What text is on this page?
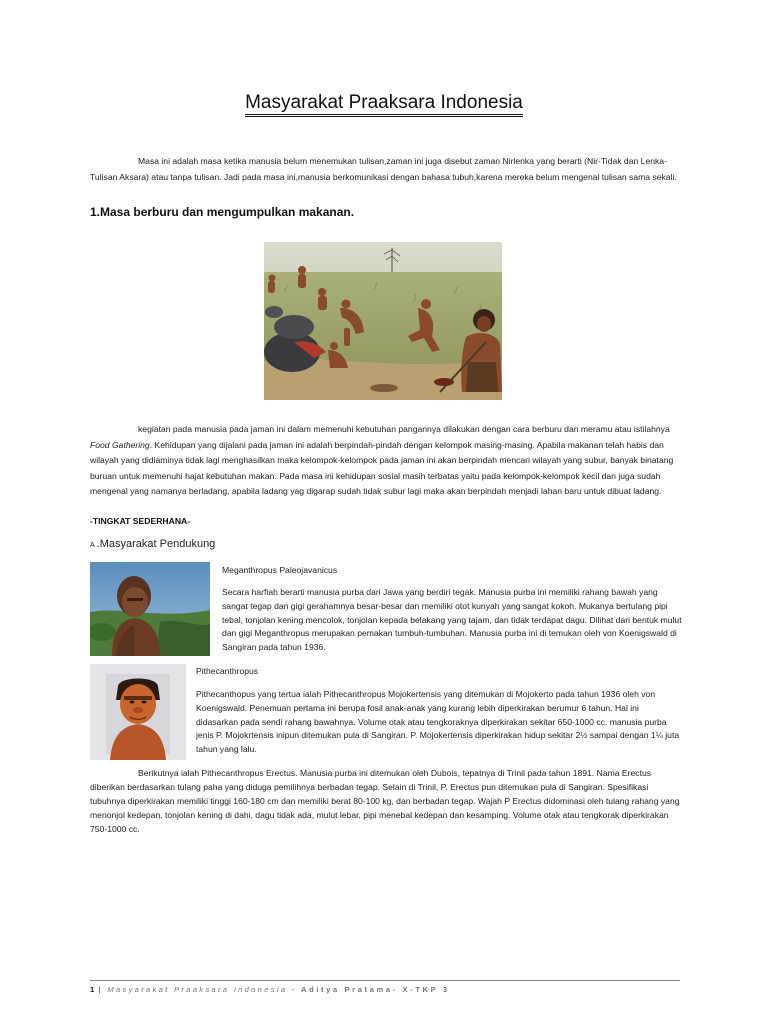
Masyarakat Praaksara Indonesia
Masa ini adalah masa ketika manusia belum menemukan tulisan,zaman ini juga disebut zaman Nirlenka yang berarti (Nir-Tidak dan Lenka-Tulisan Aksara) atau tanpa tulisan. Jadi pada masa ini,manusia berkomunikasi dengan bahasa tubuh,karena mereka belum mengenal tulisan sama sekali.
1.Masa berburu dan mengumpulkan makanan.
kegiatan pada manusia pada jaman ini dalam memenuhi kebutuhan pangannya dilakukan dengan cara berburu dan meramu atau istilahnya Food Gathering. Kehidupan yang dijalani pada jaman ini adalah berpindah-pindah dengan kelompok masing-masing. Apabila makanan telah habis dan wilayah yang didiaminya tidak lagi menghasilkan maka kelompok-kelompok pada jaman ini akan berpindah mencari wilayah yang subur, banyak binatang buruan untuk memenuhi hajat kebutuhan makan. Pada masa ini kehidupan sosial masih terbatas yaitu pada kelompok-kelompok kecil dan juga sudah mengenal yang namanya berladang, apabila ladang yag digarap sudah tidak subur lagi maka akan berpindah menjadi lahan baru untuk dibuat ladang.
-TINGKAT SEDERHANA-
A .Masyarakat Pendukung
Meganthropus Paleojavanicus
Secara harfiah berarti manusia purba dari Jawa yang berdiri tegak. Manusia purba ini memiliki rahang bawah yang sangat tegap dan gigi gerahamnya besar-besar dan memiliki otot kunyah yang sangat kokoh. Mukanya bertulang pipi tebal, tonjolan kening mencolok, tonjolan kepada belakang yang tajam, dan tidak terdapat dagu. Dilihat dari bentuk mulut dan gigi Meganthropus merupakan pemakan tumbuh-tumbuhan. Manusia purba ini di temukan oleh von Koenigswald di Sangiran pada tahun 1936.
Pithecanthropus
Pithecanthopus yang tertua ialah Pithecanthropus Mojokertensis yang ditemukan di Mojokerto pada tahun 1936 oleh von Koenigswald. Penemuan pertama ini berupa fosil anak-anak yang kurang lebih diperkirakan berumur 6 tahun. Hal ini didasarkan pada sendi rahang bawahnya. Volume otak atau tengkoraknya diperkirakan sekitar 650-1000 cc. manusia purba jenis P. Mojokrtensis inipun ditemukan pula di Sangiran. P. Mojokertensis diperkirakan hidup sekitar 2½ sampai dengan 1¼ juta tahun yang lalu.
Berikutnya ialah Pithecanthropus Erectus. Manusia purba ini ditemukan oleh Dubois, tepatnya di Trinil pada tahun 1891. Nama Erectus diberikan berdasarkan tulang paha yang diduga pemilihnya berbadan tegap. Selain di Trinil, P. Erectus pun ditemukan pula di Sangiran. Spesifikasi tubuhnya diperkirakan memiliki tinggi 160-180 cm dan memiliki berat 80-100 kg, dan berbadan tegap. Wajah P Erectus didominasi oleh tulang rahang yang menonjol kedepan, tonjolan kening di dahi, dagu tidak ada, mulut lebar, pipi menebal kedepan dan kesamping. Volume otak atau tengkorak diperkirakan 750-1000 cc.
1 | Masyarakat Praaksara Indonesia - Aditya Pratama- X-TKP 3
